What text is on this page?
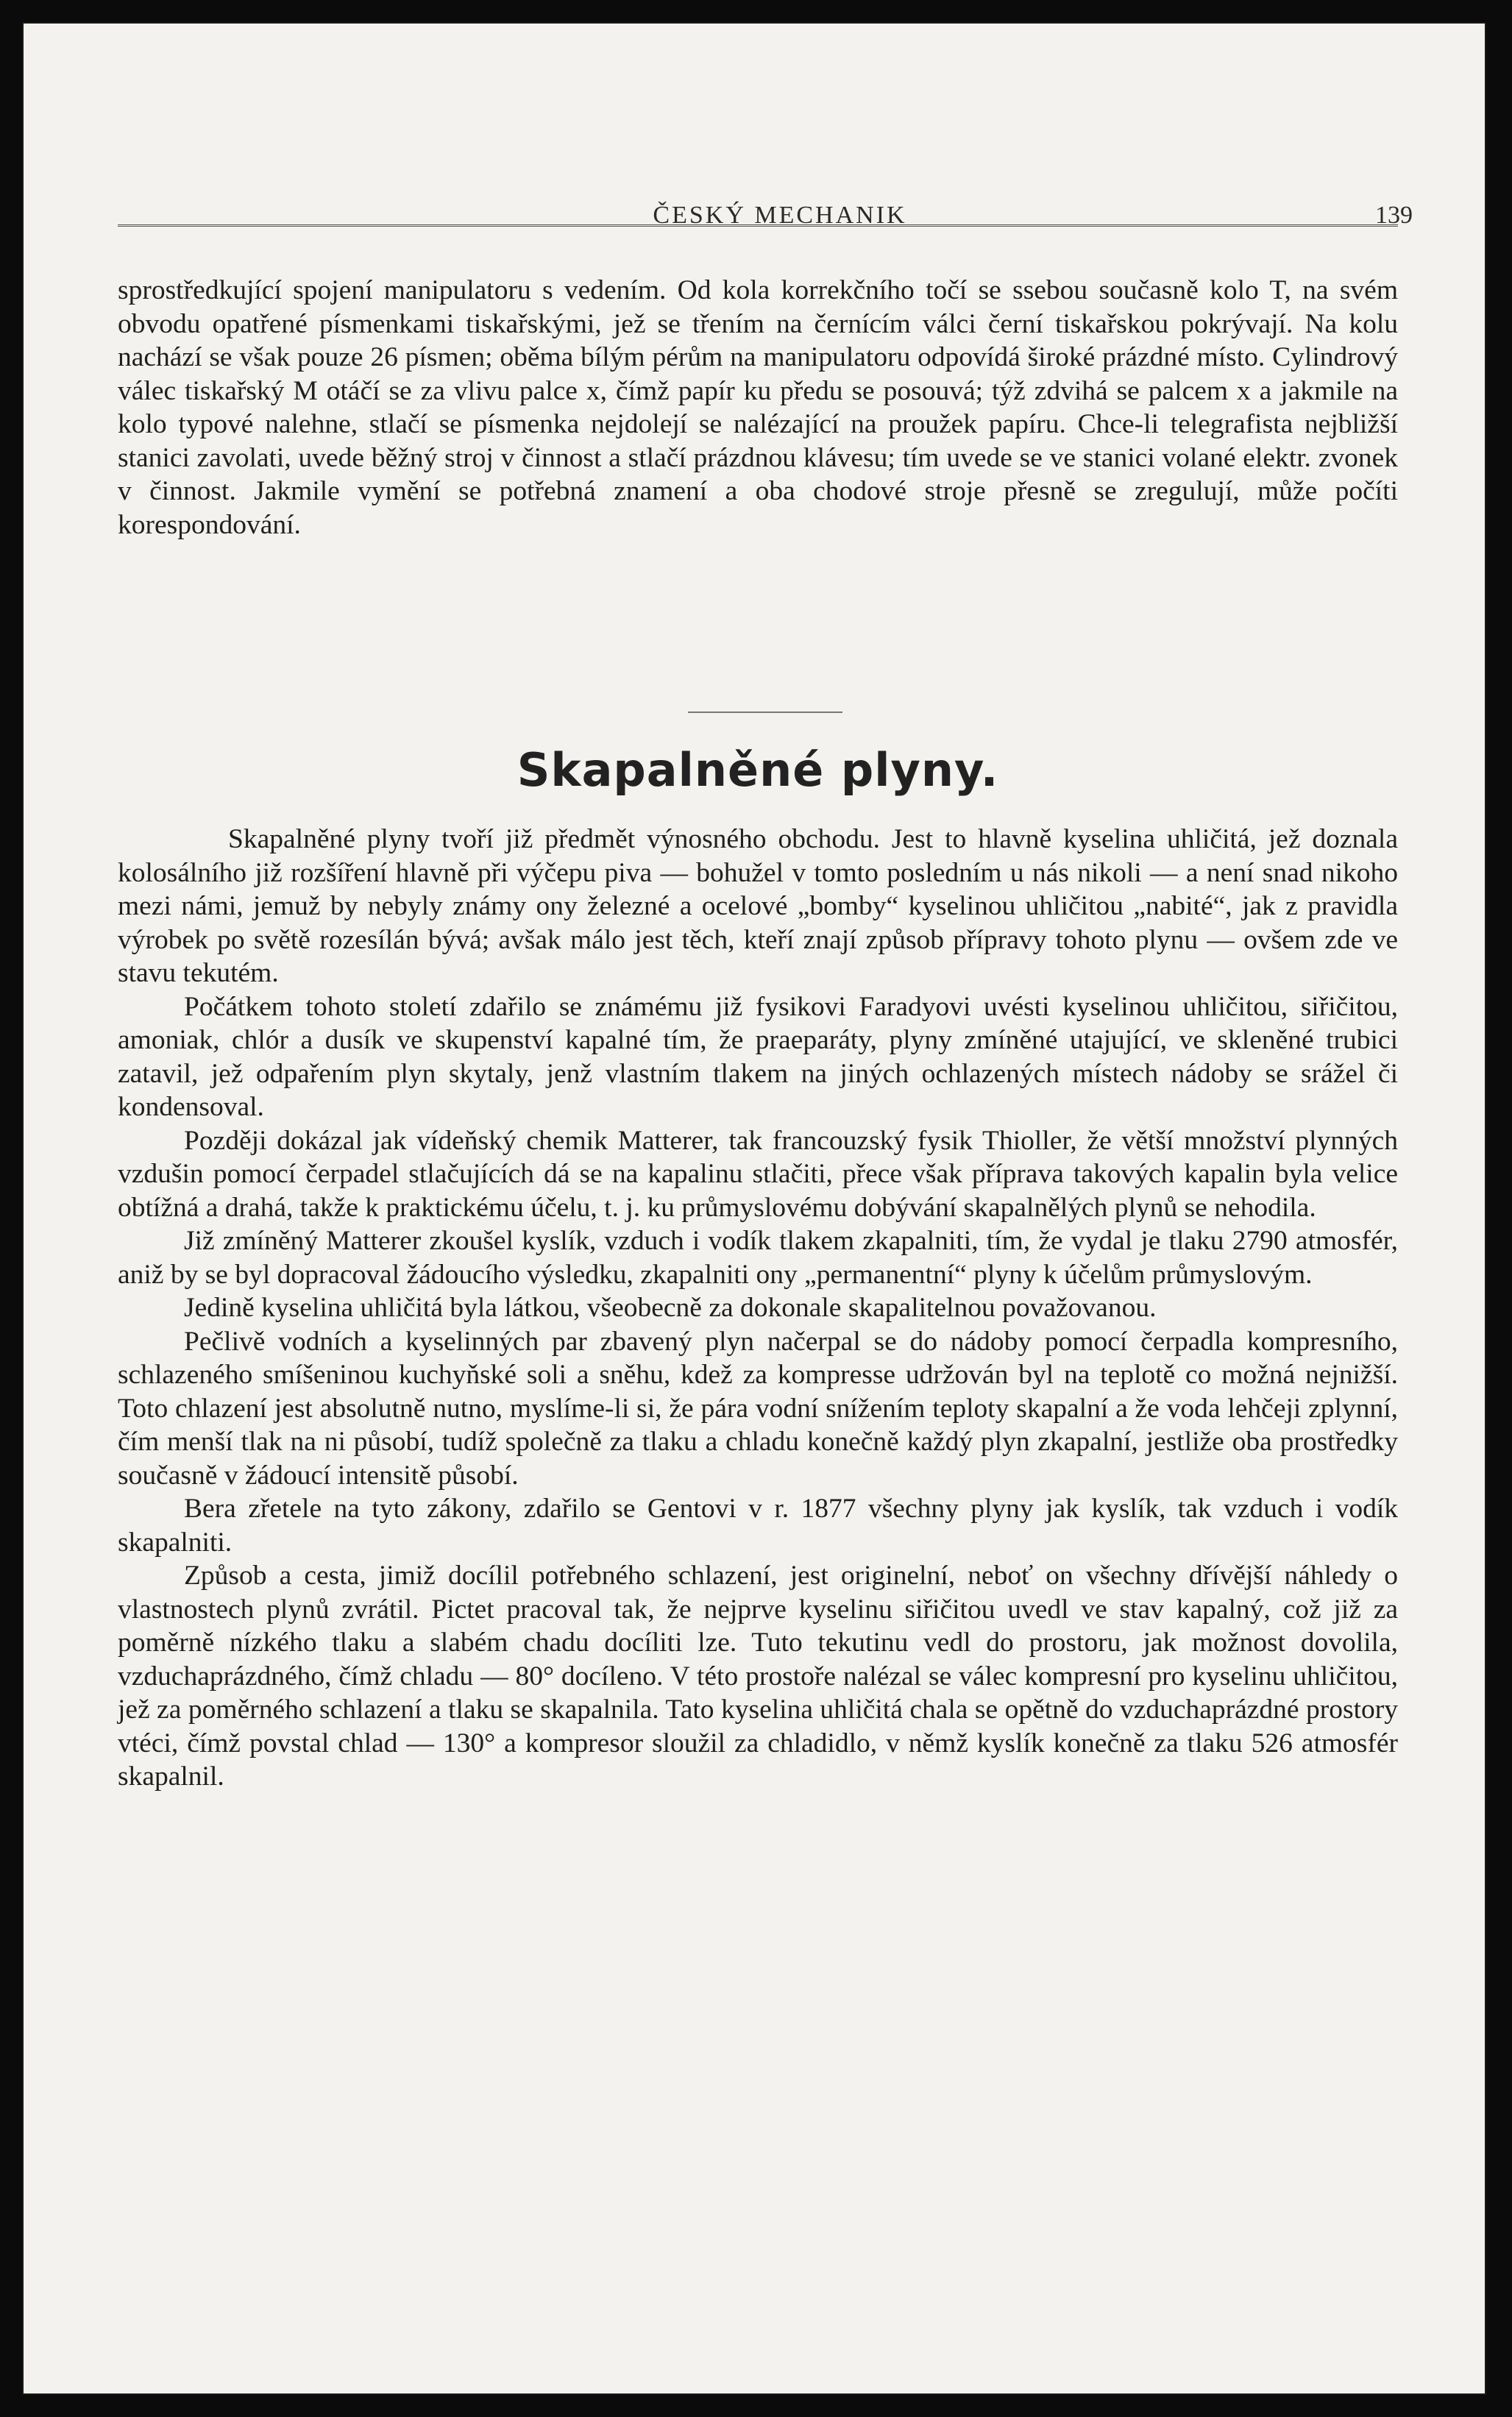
ČESKÝ MECHANIK	139

sprostředkující spojení manipulatoru s vedením. Od kola korrekčního točí se ssebou současně kolo T, na svém obvodu opatřené písmenkami tiskařskými, jež se třením na černícím válci černí tiskařskou pokrývají. Na kolu nachází se však pouze 26 písmen; oběma bílým pérům na manipulatoru odpovídá široké prázdné místo. Cylindrový válec tiskařský M otáčí se za vlivu palce x, čímž papír ku předu se posouvá; týž zdvihá se palcem x a jakmile na kolo typové nalehne, stlačí se písmenka nejdolejí se nalézající na proužek papíru. Chce-li telegrafista nejbližší stanici zavolati, uvede běžný stroj v činnost a stlačí prázdnou klávesu; tím uvede se ve stanici volané elektr. zvonek v činnost. Jakmile vymění se potřebná znamení a oba chodové stroje přesně se zregulují, může počíti korespondování.

Skapalněné plyny.

Skapalněné plyny tvoří již předmět výnosného obchodu. Jest to hlavně kyselina uhličitá, jež doznala kolosálního již rozšíření hlavně při výčepu piva — bohužel v tomto posledním u nás nikoli — a není snad nikoho mezi námi, jemuž by nebyly známy ony železné a ocelové „bomby“ kyselinou uhličitou „nabité“, jak z pravidla výrobek po světě rozesílán bývá; avšak málo jest těch, kteří znají způsob přípravy tohoto plynu — ovšem zde ve stavu tekutém.

Počátkem tohoto století zdařilo se známému již fysikovi Faradyovi uvésti kyselinou uhličitou, siřičitou, amoniak, chlór a dusík ve skupenství kapalné tím, že praeparáty, plyny zmíněné utajující, ve skleněné trubici zatavil, jež odpařením plyn skytaly, jenž vlastním tlakem na jiných ochlazených místech nádoby se srážel či kondensoval.

Později dokázal jak vídeňský chemik Matterer, tak francouzský fysik Thioller, že větší množství plynných vzdušin pomocí čerpadel stlačujících dá se na kapalinu stlačiti, přece však příprava takových kapalin byla velice obtížná a drahá, takže k praktickému účelu, t. j. ku průmyslovému dobývání skapalnělých plynů se nehodila.

Již zmíněný Matterer zkoušel kyslík, vzduch i vodík tlakem zkapalniti, tím, že vydal je tlaku 2790 atmosfér, aniž by se byl dopracoval žádoucího výsledku, zkapalniti ony „permanentní“ plyny k účelům průmyslovým.

Jedině kyselina uhličitá byla látkou, všeobecně za dokonale skapalitelnou považovanou.

Pečlivě vodních a kyselinných par zbavený plyn načerpal se do nádoby pomocí čerpadla kompresního, schlazeného smíšeninou kuchyňské soli a sněhu, kdež za kompresse udržován byl na teplotě co možná nejnižší. Toto chlazení jest absolutně nutno, myslíme-li si, že pára vodní snížením teploty skapalní a že voda lehčeji zplynní, čím menší tlak na ni působí, tudíž společně za tlaku a chladu konečně každý plyn zkapalní, jestliže oba prostředky současně v žádoucí intensitě působí.

Bera zřetele na tyto zákony, zdařilo se Gentovi v r. 1877 všechny plyny jak kyslík, tak vzduch i vodík skapalniti.

Způsob a cesta, jimiž docílil potřebného schlazení, jest originelní, neboť on všechny dřívější náhledy o vlastnostech plynů zvrátil. Pictet pracoval tak, že nejprve kyselinu siřičitou uvedl ve stav kapalný, což již za poměrně nízkého tlaku a slabém chadu docíliti lze. Tuto tekutinu vedl do prostoru, jak možnost dovolila, vzduchaprázdného, čímž chladu — 80° docíleno. V této prostoře nalézal se válec kompresní pro kyselinu uhličitou, jež za poměrného schlazení a tlaku se skapalnila. Tato kyselina uhličitá chala se opětně do vzduchaprázdné prostory vtéci, čímž povstal chlad — 130° a kompresor sloužil za chladidlo, v němž kyslík konečně za tlaku 526 atmosfér skapalnil.
